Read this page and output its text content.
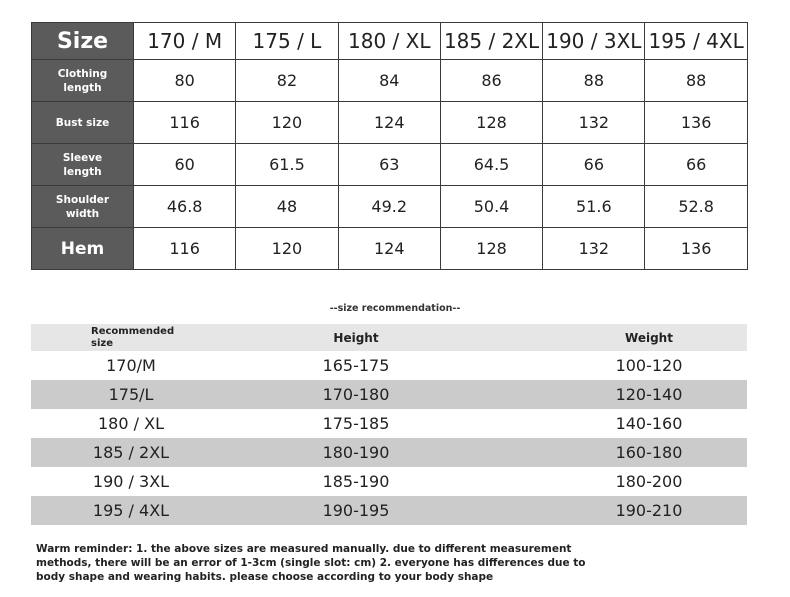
Size	170 / M	175 / L	180 / XL	185 / 2XL	190 / 3XL	195 / 4XL
Clothing length	80	82	84	86	88	88
Bust size	116	120	124	128	132	136
Sleeve length	60	61.5	63	64.5	66	66
Shoulder width	46.8	48	49.2	50.4	51.6	52.8
Hem	116	120	124	128	132	136
--size recommendation--
Recommended size	Height	Weight
170/M	165-175	100-120
175/L	170-180	120-140
180 / XL	175-185	140-160
185 / 2XL	180-190	160-180
190 / 3XL	185-190	180-200
195 / 4XL	190-195	190-210
Warm reminder: 1. the above sizes are measured manually. due to different measurement methods, there will be an error of 1-3cm (single slot: cm) 2. everyone has differences due to body shape and wearing habits. please choose according to your body shape
